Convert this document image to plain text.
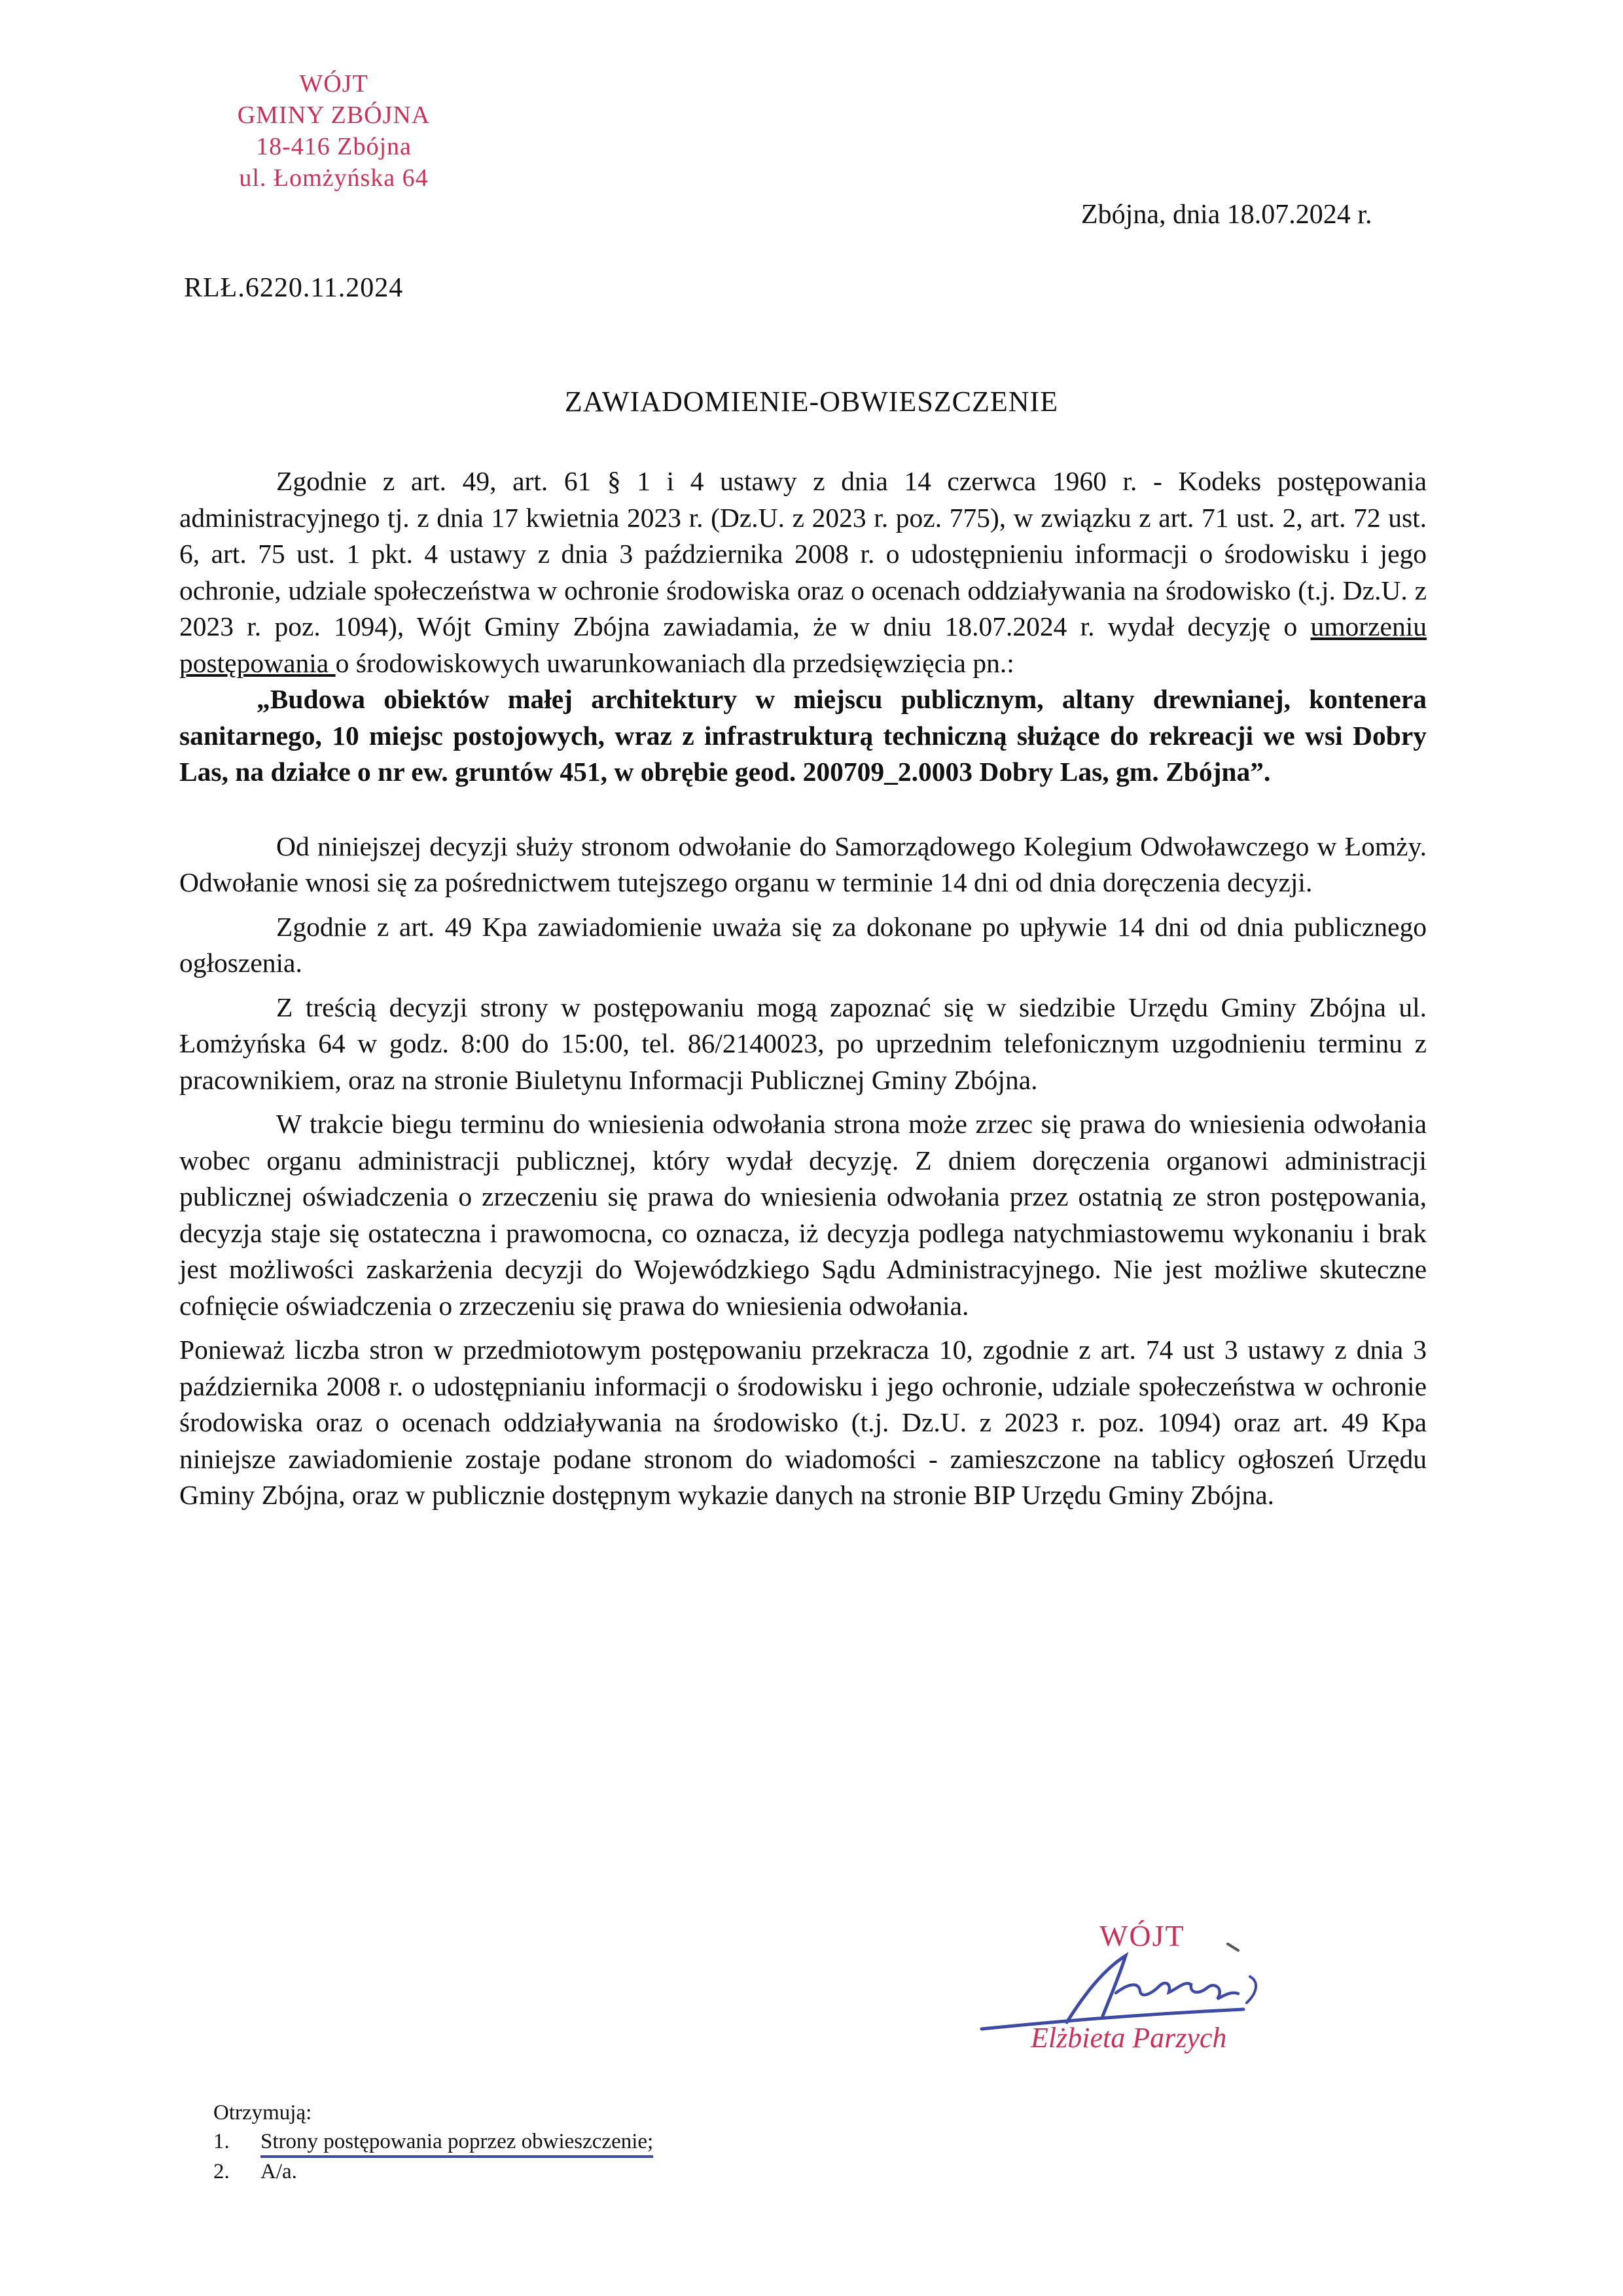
WÓJT
GMINY ZBÓJNA
18-416 Zbójna
ul. Łomżyńska 64
Zbójna, dnia 18.07.2024 r.
RLŁ.6220.11.2024
ZAWIADOMIENIE-OBWIESZCZENIE

Zgodnie z art. 49, art. 61 § 1 i 4 ustawy z dnia 14 czerwca 1960 r. - Kodeks postępowania administracyjnego tj. z dnia 17 kwietnia 2023 r. (Dz.U. z 2023 r. poz. 775), w związku z art. 71 ust. 2, art. 72 ust. 6, art. 75 ust. 1 pkt. 4 ustawy z dnia 3 października 2008 r. o udostępnieniu informacji o środowisku i jego ochronie, udziale społeczeństwa w ochronie środowiska oraz o ocenach oddziaływania na środowisko (t.j. Dz.U. z 2023 r. poz. 1094), Wójt Gminy Zbójna zawiadamia, że w dniu 18.07.2024 r. wydał decyzję o umorzeniu postępowania o środowiskowych uwarunkowaniach dla przedsięwzięcia pn.:

„Budowa obiektów małej architektury w miejscu publicznym, altany drewnianej, kontenera sanitarnego, 10 miejsc postojowych, wraz z infrastrukturą techniczną służące do rekreacji we wsi Dobry Las, na działce o nr ew. gruntów 451, w obrębie geod. 200709_2.0003 Dobry Las, gm. Zbójna”.

Od niniejszej decyzji służy stronom odwołanie do Samorządowego Kolegium Odwoławczego w Łomży. Odwołanie wnosi się za pośrednictwem tutejszego organu w terminie 14 dni od dnia doręczenia decyzji.

Zgodnie z art. 49 Kpa zawiadomienie uważa się za dokonane po upływie 14 dni od dnia publicznego ogłoszenia.

Z treścią decyzji strony w postępowaniu mogą zapoznać się w siedzibie Urzędu Gminy Zbójna ul. Łomżyńska 64 w godz. 8:00 do 15:00, tel. 86/2140023, po uprzednim telefonicznym uzgodnieniu terminu z pracownikiem, oraz na stronie Biuletynu Informacji Publicznej Gminy Zbójna.

W trakcie biegu terminu do wniesienia odwołania strona może zrzec się prawa do wniesienia odwołania wobec organu administracji publicznej, który wydał decyzję. Z dniem doręczenia organowi administracji publicznej oświadczenia o zrzeczeniu się prawa do wniesienia odwołania przez ostatnią ze stron postępowania, decyzja staje się ostateczna i prawomocna, co oznacza, iż decyzja podlega natychmiastowemu wykonaniu i brak jest możliwości zaskarżenia decyzji do Wojewódzkiego Sądu Administracyjnego. Nie jest możliwe skuteczne cofnięcie oświadczenia o zrzeczeniu się prawa do wniesienia odwołania.

Ponieważ liczba stron w przedmiotowym postępowaniu przekracza 10, zgodnie z art. 74 ust 3 ustawy z dnia 3 października 2008 r. o udostępnianiu informacji o środowisku i jego ochronie, udziale społeczeństwa w ochronie środowiska oraz o ocenach oddziaływania na środowisko (t.j. Dz.U. z 2023 r. poz. 1094) oraz art. 49 Kpa niniejsze zawiadomienie zostaje podane stronom do wiadomości - zamieszczone na tablicy ogłoszeń Urzędu Gminy Zbójna, oraz w publicznie dostępnym wykazie danych na stronie BIP Urzędu Gminy Zbójna.

WÓJT
Elżbieta Parzych
Otrzymują:
1.	Strony postępowania poprzez obwieszczenie;
2.	A/a.
